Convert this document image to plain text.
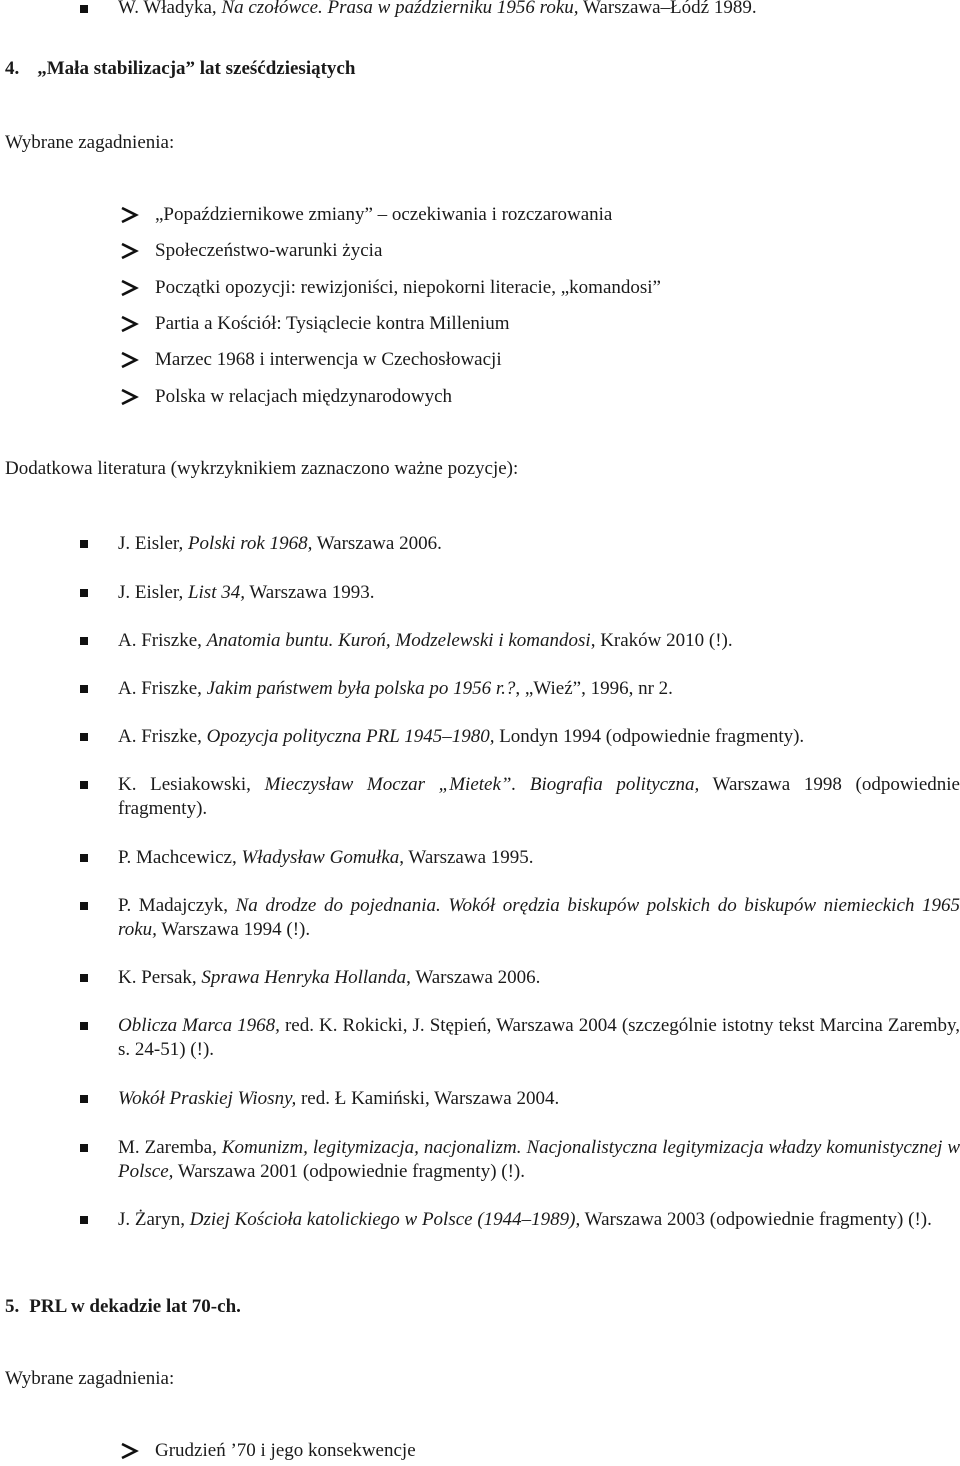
W. Władyka, Na czołówce. Prasa w październiku 1956 roku, Warszawa–Łódź 1989.
4. „Mała stabilizacja” lat sześćdziesiątych
Wybrane zagadnienia:
„Popaździernikowe zmiany” – oczekiwania i rozczarowania
Społeczeństwo-warunki życia
Początki opozycji: rewizjoniści, niepokorni literacie, „komandosi”
Partia a Kościół: Tysiąclecie kontra Millenium
Marzec 1968 i interwencja w Czechosłowacji
Polska w relacjach międzynarodowych
Dodatkowa literatura (wykrzyknikiem zaznaczono ważne pozycje):
J. Eisler, Polski rok 1968, Warszawa 2006.
J. Eisler, List 34, Warszawa 1993.
A. Friszke, Anatomia buntu. Kuroń, Modzelewski i komandosi, Kraków 2010 (!).
A. Friszke, Jakim państwem była polska po 1956 r.?, „Wieź”, 1996, nr 2.
A. Friszke, Opozycja polityczna PRL 1945–1980, Londyn 1994 (odpowiednie fragmenty).
K. Lesiakowski, Mieczysław Moczar „Mietek”. Biografia polityczna, Warszawa 1998 (odpowiednie fragmenty).
P. Machcewicz, Władysław Gomułka, Warszawa 1995.
P. Madajczyk, Na drodze do pojednania. Wokół orędzia biskupów polskich do biskupów niemieckich 1965 roku, Warszawa 1994 (!).
K. Persak, Sprawa Henryka Hollanda, Warszawa 2006.
Oblicza Marca 1968, red. K. Rokicki, J. Stępień, Warszawa 2004 (szczególnie istotny tekst Marcina Zaremby, s. 24-51) (!).
Wokół Praskiej Wiosny, red. Ł Kamiński, Warszawa 2004.
M. Zaremba, Komunizm, legitymizacja, nacjonalizm. Nacjonalistyczna legitymizacja władzy komunistycznej w Polsce, Warszawa 2001 (odpowiednie fragmenty) (!).
J. Żaryn, Dziej Kościoła katolickiego w Polsce (1944–1989), Warszawa 2003 (odpowiednie fragmenty) (!).
5. PRL w dekadzie lat 70-ch.
Wybrane zagadnienia:
Grudzień ’70 i jego konsekwencje
